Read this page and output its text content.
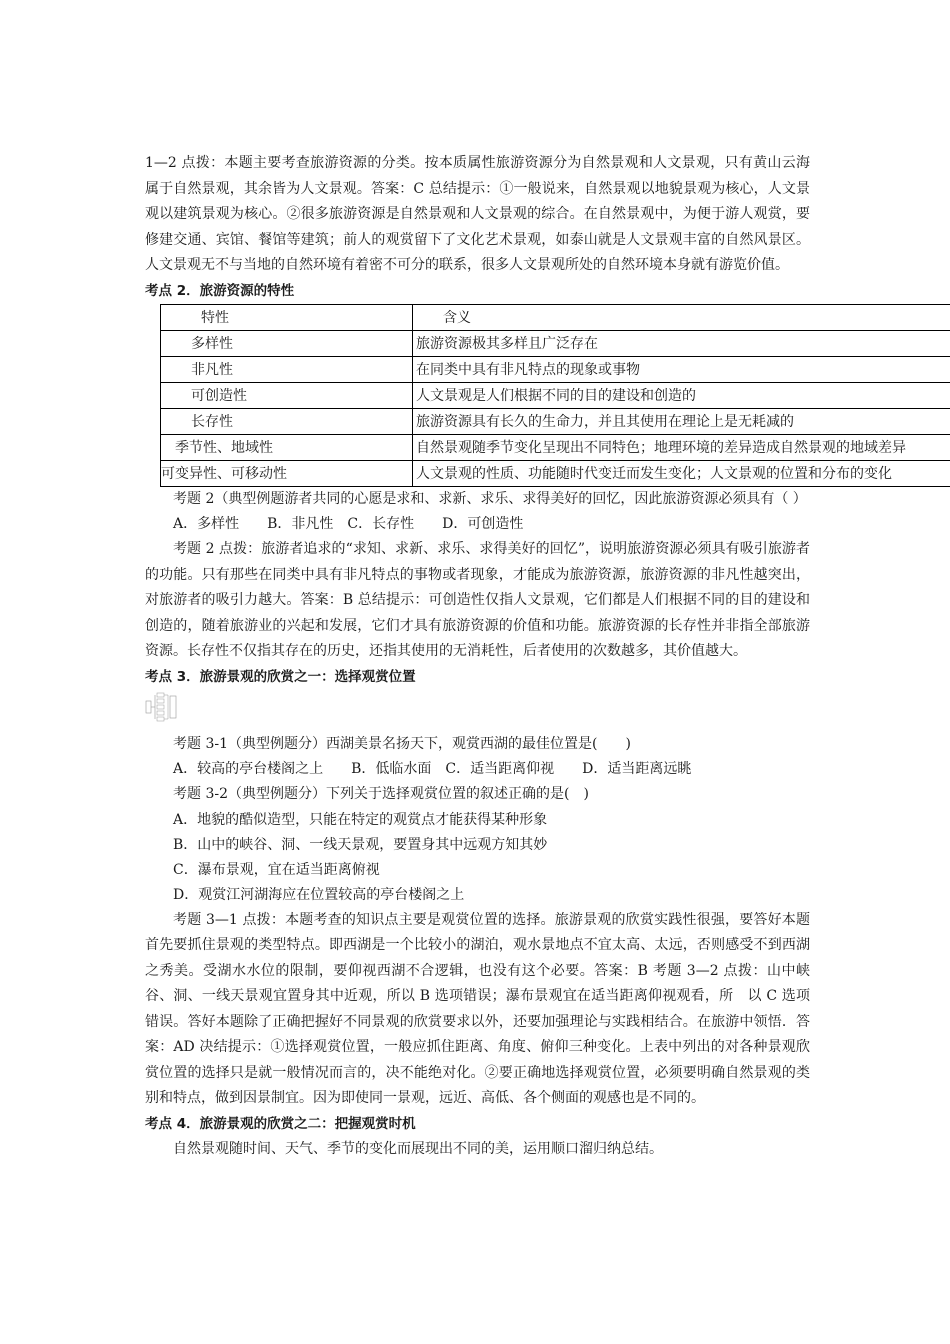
1—2 点拨：本题主要考查旅游资源的分类。按本质属性旅游资源分为自然景观和人文景观，只有黄山云海属于自然景观，其余皆为人文景观。答案：C 总结提示：①一般说来，自然景观以地貌景观为核心，人文景观以建筑景观为核心。②很多旅游资源是自然景观和人文景观的综合。在自然景观中，为便于游人观赏，要修建交通、宾馆、餐馆等建筑；前人的观赏留下了文化艺术景观，如泰山就是人文景观丰富的自然风景区。人文景观无不与当地的自然环境有着密不可分的联系，很多人文景观所处的自然环境本身就有游览价值。

考点 2．旅游资源的特性

特性	含义
多样性	旅游资源极其多样且广泛存在
非凡性	在同类中具有非凡特点的现象或事物
可创造性	人文景观是人们根据不同的目的建设和创造的
长存性	旅游资源具有长久的生命力，并且其使用在理论上是无耗减的
季节性、地域性	自然景观随季节变化呈现出不同特色；地理环境的差异造成自然景观的地域差异
可变异性、可移动性	人文景观的性质、功能随时代变迁而发生变化；人文景观的位置和分布的变化

考题 2（典型例题游者共同的心愿是求和、求新、求乐、求得美好的回忆，因此旅游资源必须具有（ ）

A．多样性　　B．非凡性　C．长存性　　D．可创造性

考题 2 点拨：旅游者追求的“求知、求新、求乐、求得美好的回忆”，说明旅游资源必须具有吸引旅游者的功能。只有那些在同类中具有非凡特点的事物或者现象，才能成为旅游资源，旅游资源的非凡性越突出，对旅游者的吸引力越大。答案：B 总结提示：可创造性仅指人文景观，它们都是人们根据不同的目的建设和创造的，随着旅游业的兴起和发展，它们才具有旅游资源的价值和功能。旅游资源的长存性并非指全部旅游资源。长存性不仅指其存在的历史，还指其使用的无消耗性，后者使用的次数越多，其价值越大。

考点 3．旅游景观的欣赏之一：选择观赏位置

考题 3-1（典型例题分）西湖美景名扬天下，观赏西湖的最佳位置是(　　)

A．较高的亭台楼阁之上　　B．低临水面　C．适当距离仰视　　D．适当距离远眺

考题 3-2（典型例题分）下列关于选择观赏位置的叙述正确的是(　)

A．地貌的酷似造型，只能在特定的观赏点才能获得某种形象

B．山中的峡谷、洞、一线天景观，要置身其中远观方知其妙

C．瀑布景观，宜在适当距离俯视

D．观赏江河湖海应在位置较高的亭台楼阁之上

考题 3—1 点拨：本题考查的知识点主要是观赏位置的选择。旅游景观的欣赏实践性很强，要答好本题首先要抓住景观的类型特点。即西湖是一个比较小的湖泊，观水景地点不宜太高、太远，否则感受不到西湖之秀美。受湖水水位的限制，要仰视西湖不合逻辑，也没有这个必要。答案：B 考题 3—2 点拨：山中峡谷、洞、一线天景观宜置身其中近观，所以 B 选项错误；瀑布景观宜在适当距离仰视观看，所　以 C 选项错误。答好本题除了正确把握好不同景观的欣赏要求以外，还要加强理论与实践相结合。在旅游中领悟．答案：AD 决结提示：①选择观赏位置，一般应抓住距离、角度、俯仰三种变化。上表中列出的对各种景观欣赏位置的选择只是就一般情况而言的，决不能绝对化。②要正确地选择观赏位置，必须要明确自然景观的类别和特点，做到因景制宜。因为即使同一景观，远近、高低、各个侧面的观感也是不同的。

考点 4．旅游景观的欣赏之二：把握观赏时机

自然景观随时间、天气、季节的变化而展现出不同的美，运用顺口溜归纳总结。
